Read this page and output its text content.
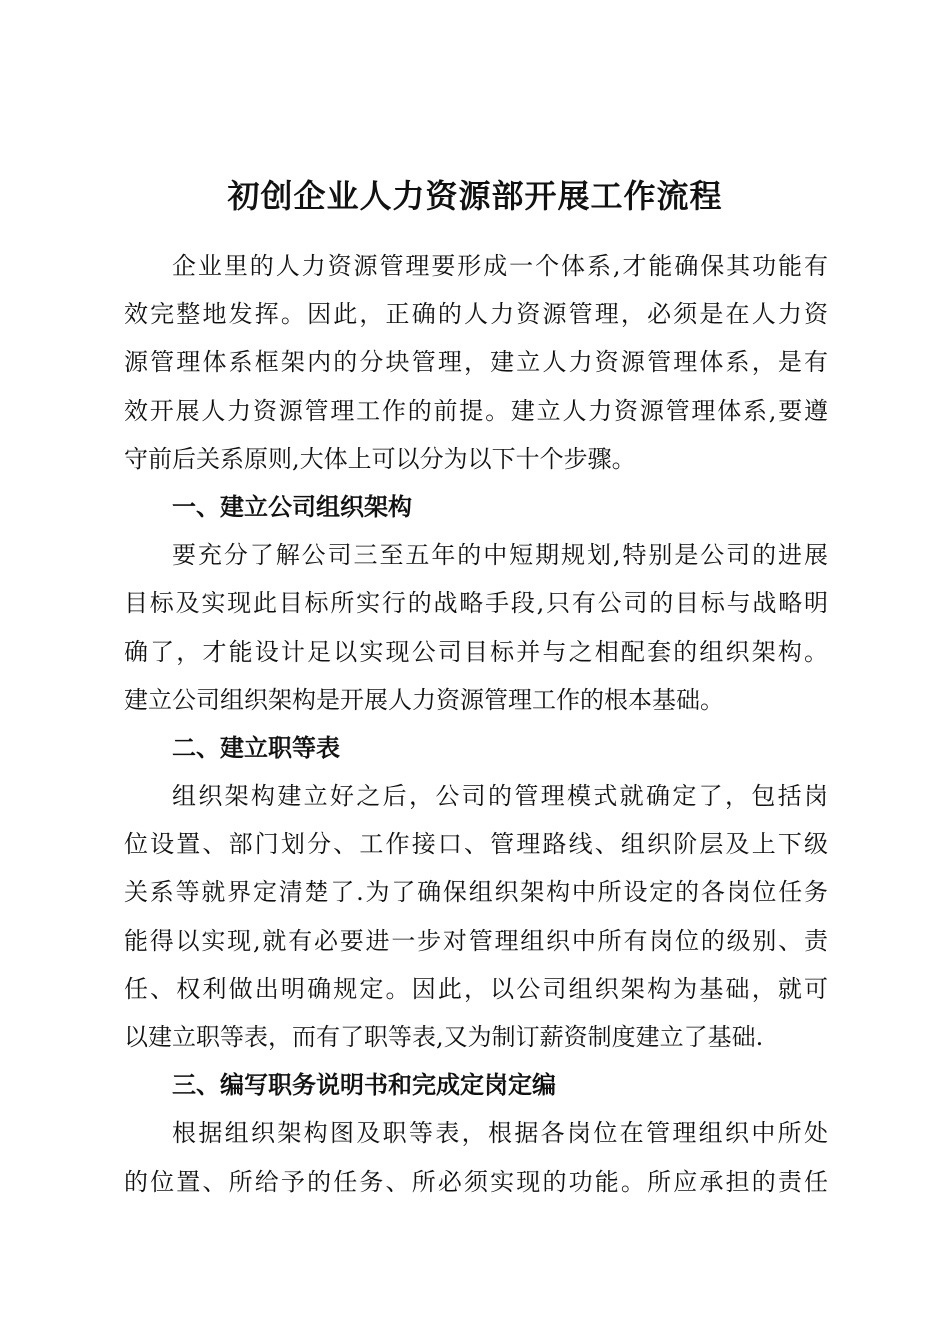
初创企业人力资源部开展工作流程
企业里的人力资源管理要形成一个体系,才能确保其功能有
效完整地发挥。因此，正确的人力资源管理，必须是在人力资
源管理体系框架内的分块管理，建立人力资源管理体系，是有
效开展人力资源管理工作的前提。建立人力资源管理体系,要遵
守前后关系原则,大体上可以分为以下十个步骤。
一、建立公司组织架构
要充分了解公司三至五年的中短期规划,特别是公司的进展
目标及实现此目标所实行的战略手段,只有公司的目标与战略明
确了，才能设计足以实现公司目标并与之相配套的组织架构。
建立公司组织架构是开展人力资源管理工作的根本基础。
二、建立职等表
组织架构建立好之后，公司的管理模式就确定了，包括岗
位设置、部门划分、工作接口、管理路线、组织阶层及上下级
关系等就界定清楚了.为了确保组织架构中所设定的各岗位任务
能得以实现,就有必要进一步对管理组织中所有岗位的级别、责
任、权利做出明确规定。因此，以公司组织架构为基础，就可
以建立职等表，而有了职等表,又为制订薪资制度建立了基础.
三、编写职务说明书和完成定岗定编
根据组织架构图及职等表，根据各岗位在管理组织中所处
的位置、所给予的任务、所必须实现的功能。所应承担的责任
